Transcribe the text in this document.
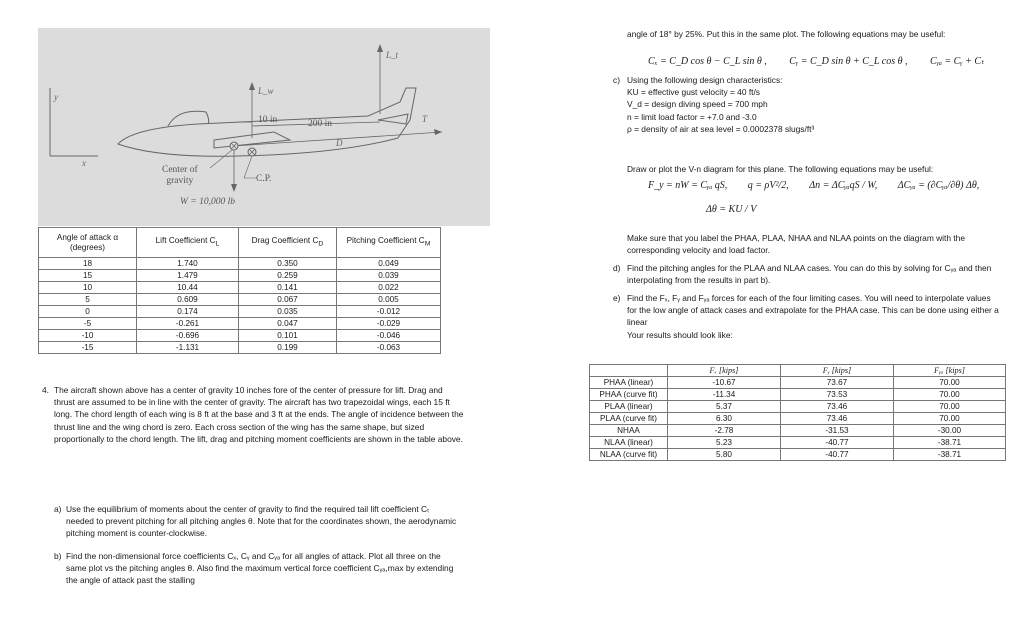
y
x
T
D
L_w
L_t
10 in	200 in
Center of
gravity	C.P.
W = 10,000 lb
Angle of attack α (degrees)	Lift Coefficient $C_L$	Drag Coefficient $C_D$	Pitching Coefficient $C_M$
18	1.740	0.350	0.049
15	1.479	0.259	0.039
10	10.44	0.141	0.022
5	0.609	0.067	0.005
0	0.174	0.035	-0.012
-5	-0.261	0.047	-0.029
-10	-0.696	0.101	-0.046
-15	-1.131	0.199	-0.063
4. The aircraft shown above has a center of gravity 10 inches fore of the center of pressure for lift. Drag and thrust are assumed to be in line with the center of gravity. The aircraft has two trapezoidal wings, each 15 ft long. The chord length of each wing is 8 ft at the base and 3 ft at the ends. The angle of incidence between the thrust line and the wing chord is zero. Each cross section of the wing has the same shape, but sized proportionally to the chord length. The lift, drag and pitching moment coefficients are shown in the table above.
a) Use the equilibrium of moments about the center of gravity to find the required tail lift coefficient Cₜ needed to prevent pitching for all pitching angles θ. Note that for the coordinates shown, the aerodynamic pitching moment is counter-clockwise.
b) Find the non-dimensional force coefficients Cₓ, Cᵧ and Cᵧₐ for all angles of attack. Plot all three on the same plot vs the pitching angles θ. Also find the maximum vertical force coefficient Cᵧₐ,max by extending the angle of attack past the stalling
angle of 18° by 25%. Put this in the same plot. The following equations may be useful:
Cₓ = C_D cos θ − C_L sin θ , Cᵧ = C_D sin θ + C_L cos θ , Cᵧₐ = Cᵧ + Cₜ
c) Using the following design characteristics:
KU = effective gust velocity = 40 ft/s
V_d = design diving speed = 700 mph
n = limit load factor = +7.0 and -3.0
ρ = density of air at sea level = 0.0002378 slugs/ft³
Draw or plot the V-n diagram for this plane. The following equations may be useful:
F_y = nW = Cᵧₐ qS, q = ρV²/2, Δn = ΔCᵧₐqS / W, ΔCᵧₐ = (∂Cᵧₐ/∂θ) Δθ,
Δθ = KU / V
Make sure that you label the PHAA, PLAA, NHAA and NLAA points on the diagram with the corresponding velocity and load factor.
d) Find the pitching angles for the PLAA and NLAA cases. You can do this by solving for Cᵧₐ and then interpolating from the results in part b).
e) Find the Fₓ, Fᵧ and Fᵧₐ forces for each of the four limiting cases. You will need to interpolate values for the low angle of attack cases and extrapolate for the PHAA case. This can be done using either a linear
Your results should look like:
	Fₓ [kips]	Fᵧ [kips]	Fᵧₐ [kips]
PHAA (linear)	-10.67	73.67	70.00
PHAA (curve fit)	-11.34	73.53	70.00
PLAA (linear)	5.37	73.46	70.00
PLAA (curve fit)	6.30	73.46	70.00
NHAA	-2.78	-31.53	-30.00
NLAA (linear)	5.23	-40.77	-38.71
NLAA (curve fit)	5.80	-40.77	-38.71
